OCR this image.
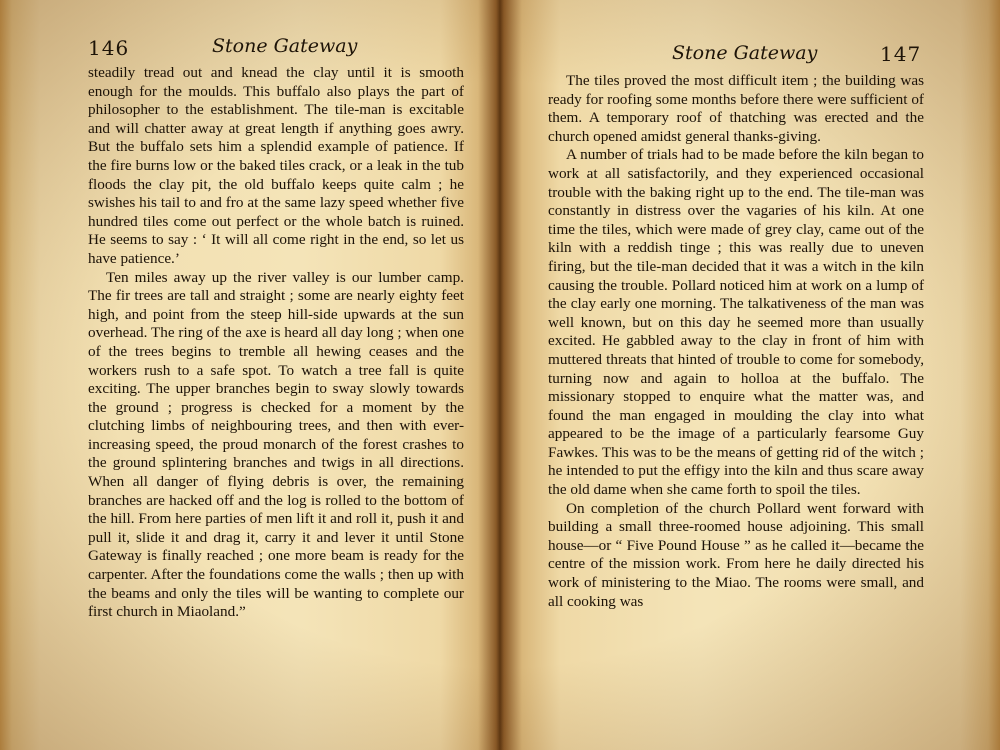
146	Stone Gateway

steadily tread out and knead the clay until it is smooth enough for the moulds. This buffalo also plays the part of philosopher to the establishment. The tile-man is excitable and will chatter away at great length if anything goes awry. But the buffalo sets him a splendid example of patience. If the fire burns low or the baked tiles crack, or a leak in the tub floods the clay pit, the old buffalo keeps quite calm ; he swishes his tail to and fro at the same lazy speed whether five hundred tiles come out perfect or the whole batch is ruined. He seems to say : ‘ It will all come right in the end, so let us have patience.’

Ten miles away up the river valley is our lumber camp. The fir trees are tall and straight ; some are nearly eighty feet high, and point from the steep hill-side upwards at the sun overhead. The ring of the axe is heard all day long ; when one of the trees begins to tremble all hewing ceases and the workers rush to a safe spot. To watch a tree fall is quite exciting. The upper branches begin to sway slowly towards the ground ; progress is checked for a moment by the clutching limbs of neighbouring trees, and then with ever-increasing speed, the proud monarch of the forest crashes to the ground splintering branches and twigs in all directions. When all danger of flying debris is over, the remaining branches are hacked off and the log is rolled to the bottom of the hill. From here parties of men lift it and roll it, push it and pull it, slide it and drag it, carry it and lever it until Stone Gateway is finally reached ; one more beam is ready for the carpenter. After the foundations come the walls ; then up with the beams and only the tiles will be wanting to complete our first church in Miaoland.”

Stone Gateway	147

The tiles proved the most difficult item ; the building was ready for roofing some months before there were sufficient of them. A temporary roof of thatching was erected and the church opened amidst general thanks-giving.

A number of trials had to be made before the kiln began to work at all satisfactorily, and they experienced occasional trouble with the baking right up to the end. The tile-man was constantly in distress over the vagaries of his kiln. At one time the tiles, which were made of grey clay, came out of the kiln with a reddish tinge ; this was really due to uneven firing, but the tile-man decided that it was a witch in the kiln causing the trouble. Pollard noticed him at work on a lump of the clay early one morning. The talkativeness of the man was well known, but on this day he seemed more than usually excited. He gabbled away to the clay in front of him with muttered threats that hinted of trouble to come for somebody, turning now and again to holloa at the buffalo. The missionary stopped to enquire what the matter was, and found the man engaged in moulding the clay into what appeared to be the image of a particularly fearsome Guy Fawkes. This was to be the means of getting rid of the witch ; he intended to put the effigy into the kiln and thus scare away the old dame when she came forth to spoil the tiles.

On completion of the church Pollard went forward with building a small three-roomed house adjoining. This small house—or “ Five Pound House ” as he called it—became the centre of the mission work. From here he daily directed his work of ministering to the Miao. The rooms were small, and all cooking was
